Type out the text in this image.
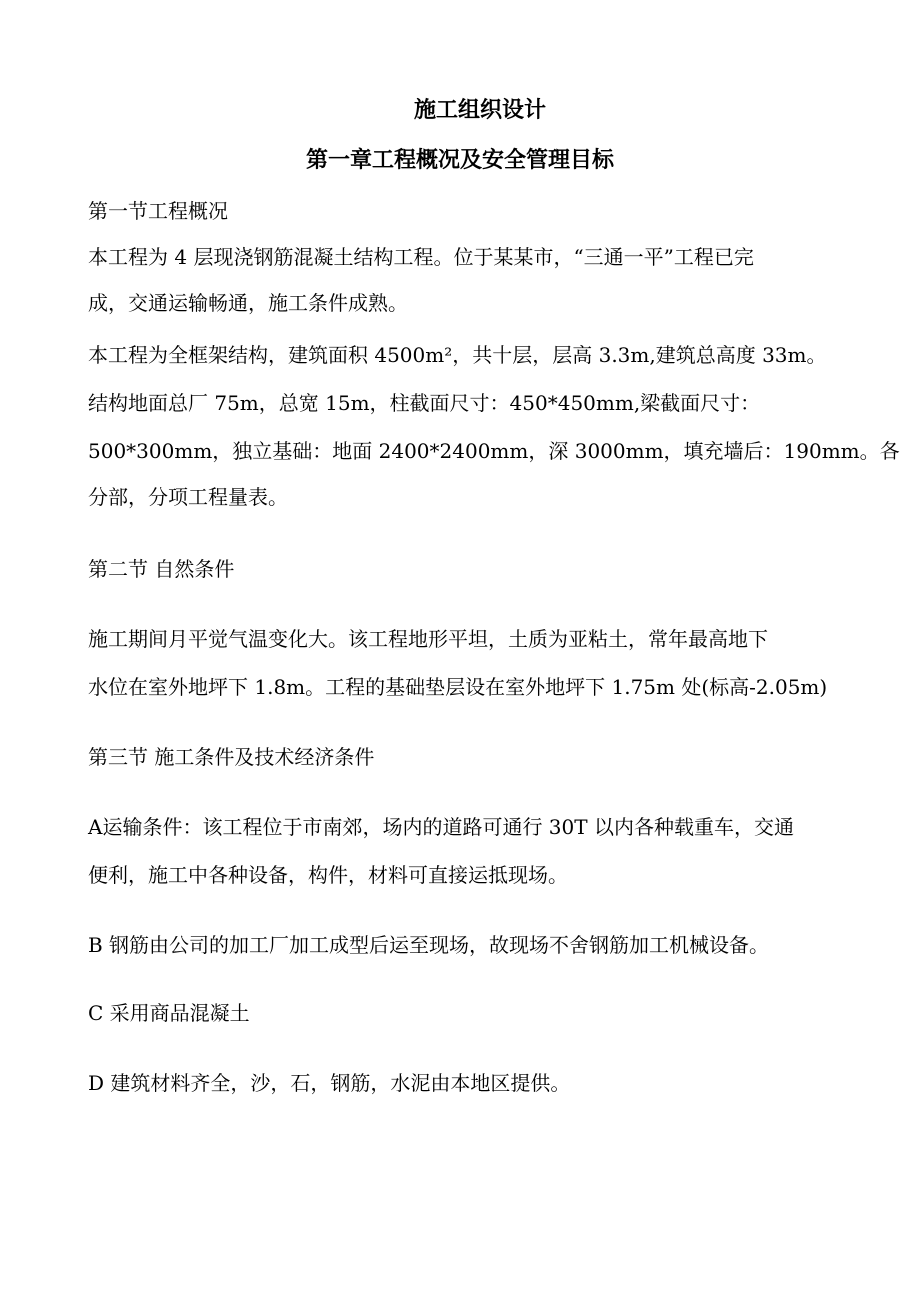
施工组织设计
第一章工程概况及安全管理目标
第一节工程概况
本工程为 4 层现浇钢筋混凝土结构工程。位于某某市，“三通一平”工程已完
成，交通运输畅通，施工条件成熟。
本工程为全框架结构，建筑面积 4500m²，共十层，层高 3.3m,建筑总高度 33m。
结构地面总厂 75m，总宽 15m，柱截面尺寸：450*450mm,梁截面尺寸：
500*300mm，独立基础：地面 2400*2400mm，深 3000mm，填充墙后：190mm。各
分部，分项工程量表。
第二节 自然条件
施工期间月平觉气温变化大。该工程地形平坦，土质为亚粘土，常年最高地下
水位在室外地坪下 1.8m。工程的基础垫层设在室外地坪下 1.75m 处(标高-2.05m)
第三节 施工条件及技术经济条件
A运输条件：该工程位于市南郊，场内的道路可通行 30T 以内各种载重车，交通
便利，施工中各种设备，构件，材料可直接运抵现场。
B 钢筋由公司的加工厂加工成型后运至现场，故现场不舍钢筋加工机械设备。
C 采用商品混凝土
D 建筑材料齐全，沙，石，钢筋，水泥由本地区提供。
